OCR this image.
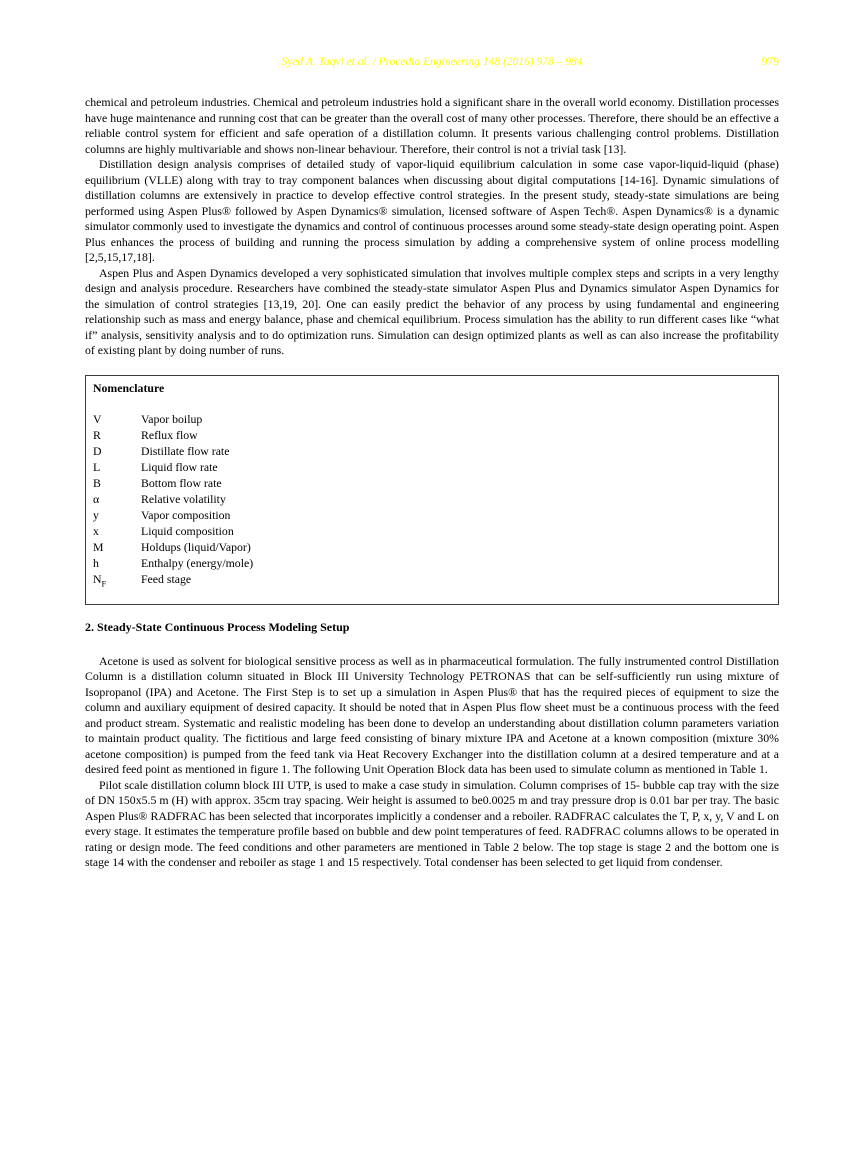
Syed A. Taqvi et al. / Procedia Engineering 148 (2016) 978 – 984	979

chemical and petroleum industries. Chemical and petroleum industries hold a significant share in the overall world economy. Distillation processes have huge maintenance and running cost that can be greater than the overall cost of many other processes. Therefore, there should be an effective a reliable control system for efficient and safe operation of a distillation column. It presents various challenging control problems. Distillation columns are highly multivariable and shows non-linear behaviour. Therefore, their control is not a trivial task [13].

Distillation design analysis comprises of detailed study of vapor-liquid equilibrium calculation in some case vapor-liquid-liquid (phase) equilibrium (VLLE) along with tray to tray component balances when discussing about digital computations [14-16]. Dynamic simulations of distillation columns are extensively in practice to develop effective control strategies. In the present study, steady-state simulations are being performed using Aspen Plus® followed by Aspen Dynamics® simulation, licensed software of Aspen Tech®. Aspen Dynamics® is a dynamic simulator commonly used to investigate the dynamics and control of continuous processes around some steady-state design operating point. Aspen Plus enhances the process of building and running the process simulation by adding a comprehensive system of online process modelling [2,5,15,17,18].

Aspen Plus and Aspen Dynamics developed a very sophisticated simulation that involves multiple complex steps and scripts in a very lengthy design and analysis procedure. Researchers have combined the steady-state simulator Aspen Plus and Dynamics simulator Aspen Dynamics for the simulation of control strategies [13,19, 20]. One can easily predict the behavior of any process by using fundamental and engineering relationship such as mass and energy balance, phase and chemical equilibrium. Process simulation has the ability to run different cases like “what if” analysis, sensitivity analysis and to do optimization runs. Simulation can design optimized plants as well as can also increase the profitability of existing plant by doing number of runs.

Nomenclature

V	Vapor boilup
R	Reflux flow
D	Distillate flow rate
L	Liquid flow rate
B	Bottom flow rate
α	Relative volatility
y	Vapor composition
x	Liquid composition
M	Holdups (liquid/Vapor)
h	Enthalpy (energy/mole)
$N_F$	Feed stage
2. Steady-State Continuous Process Modeling Setup

Acetone is used as solvent for biological sensitive process as well as in pharmaceutical formulation. The fully instrumented control Distillation Column is a distillation column situated in Block III University Technology PETRONAS that can be self-sufficiently run using mixture of Isopropanol (IPA) and Acetone. The First Step is to set up a simulation in Aspen Plus® that has the required pieces of equipment to size the column and auxiliary equipment of desired capacity. It should be noted that in Aspen Plus flow sheet must be a continuous process with the feed and product stream. Systematic and realistic modeling has been done to develop an understanding about distillation column parameters variation to maintain product quality. The fictitious and large feed consisting of binary mixture IPA and Acetone at a known composition (mixture 30% acetone composition) is pumped from the feed tank via Heat Recovery Exchanger into the distillation column at a desired temperature and at a desired feed point as mentioned in figure 1. The following Unit Operation Block data has been used to simulate column as mentioned in Table 1.

Pilot scale distillation column block III UTP, is used to make a case study in simulation. Column comprises of 15- bubble cap tray with the size of DN 150x5.5 m (H) with approx. 35cm tray spacing. Weir height is assumed to be0.0025 m and tray pressure drop is 0.01 bar per tray. The basic Aspen Plus® RADFRAC has been selected that incorporates implicitly a condenser and a reboiler. RADFRAC calculates the T, P, x, y, V and L on every stage. It estimates the temperature profile based on bubble and dew point temperatures of feed. RADFRAC columns allows to be operated in rating or design mode. The feed conditions and other parameters are mentioned in Table 2 below. The top stage is stage 2 and the bottom one is stage 14 with the condenser and reboiler as stage 1 and 15 respectively. Total condenser has been selected to get liquid from condenser.
